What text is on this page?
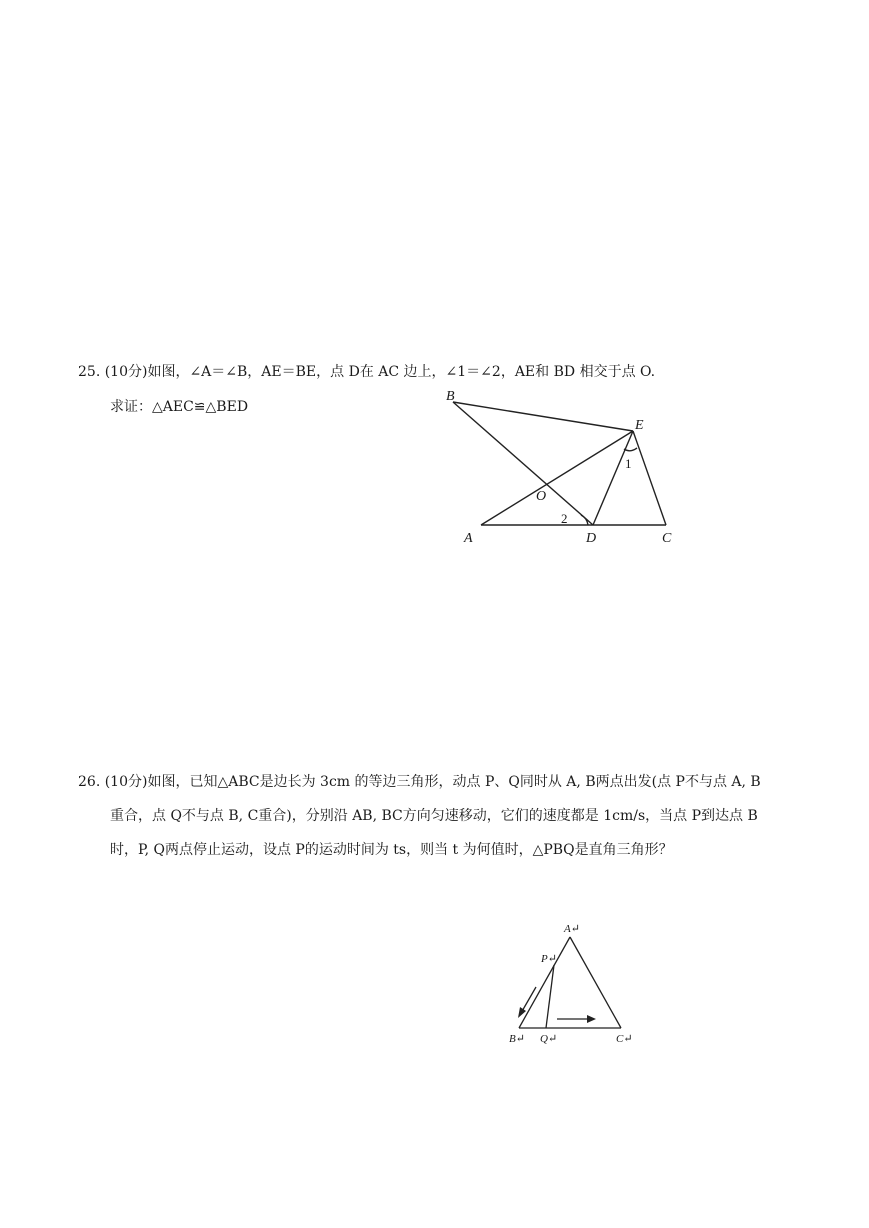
25. (10分)如图，∠A＝∠B，AE＝BE，点 D在 AC 边上，∠1＝∠2，AE和 BD 相交于点 O.
求证：△AEC≌△BED
B
E
O
A	D	C
1
2
26. (10分)如图，已知△ABC是边长为 3cm 的等边三角形，动点 P、Q同时从 A, B两点出发(点 P不与点 A, B
重合，点 Q不与点 B, C重合)，分别沿 AB, BC方向匀速移动，它们的速度都是 1cm/s，当点 P到达点 B
时，P, Q两点停止运动，设点 P的运动时间为 ts，则当 t 为何值时，△PBQ是直角三角形？
A↵
P↵
B↵ Q↵	C↵
